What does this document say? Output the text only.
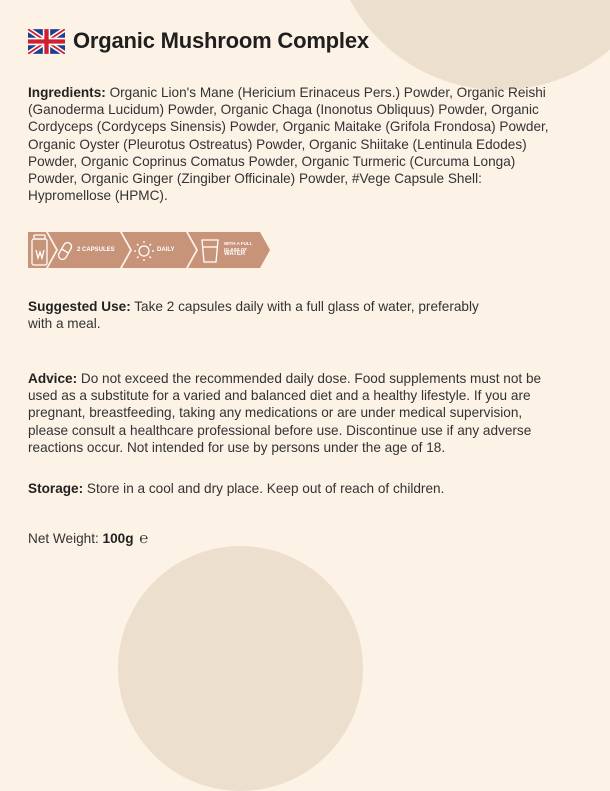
Organic Mushroom Complex
Ingredients: Organic Lion's Mane (Hericium Erinaceus Pers.) Powder, Organic Reishi (Ganoderma Lucidum) Powder, Organic Chaga (Inonotus Obliquus) Powder, Organic Cordyceps (Cordyceps Sinensis) Powder, Organic Maitake (Grifola Frondosa) Powder, Organic Oyster (Pleurotus Ostreatus) Powder, Organic Shiitake (Lentinula Edodes) Powder, Organic Coprinus Comatus Powder, Organic Turmeric (Curcuma Longa) Powder, Organic Ginger (Zingiber Officinale) Powder, #Vege Capsule Shell: Hypromellose (HPMC).
2 CAPSULES	DAILY
WITH A FULL
GLASS OF
WATER
Suggested Use: Take 2 capsules daily with a full glass of water, preferably with a meal.
Advice: Do not exceed the recommended daily dose. Food supplements must not be used as a substitute for a varied and balanced diet and a healthy lifestyle. If you are pregnant, breastfeeding, taking any medications or are under medical supervision, please consult a healthcare professional before use. Discontinue use if any adverse reactions occur. Not intended for use by persons under the age of 18.
Storage: Store in a cool and dry place. Keep out of reach of children.
Net Weight: 100g ℮
